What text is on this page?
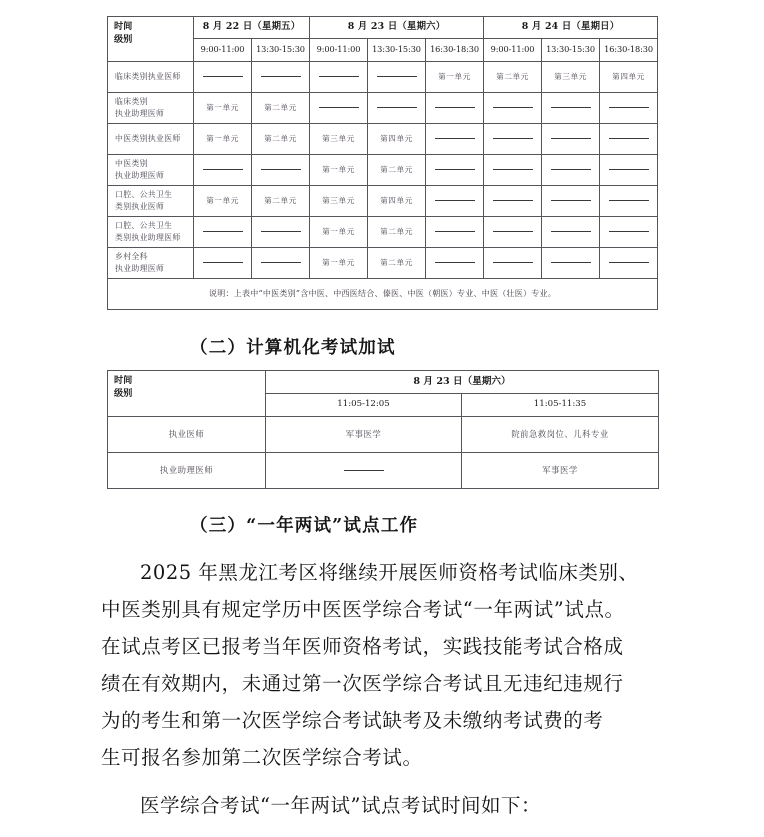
时间
级别	8 月 22 日（星期五）		8 月 23 日（星期六）			8 月 24 日（星期日）		
	9:00-11:00	13:30-15:30	9:00-11:00	13:30-15:30	16:30-18:30	9:00-11:00	13:30-15:30	16:30-18:30

临床类别执业医师					第一单元	第二单元	第三单元	第四单元

临床类别
执业助理医师	第一单元	第二单元						

中医类别执业医师	第一单元	第二单元	第三单元	第四单元				

中医类别
执业助理医师			第一单元	第二单元				

口腔、公共卫生
类别执业医师	第一单元	第二单元	第三单元	第四单元				

口腔、公共卫生
类别执业助理医师			第一单元	第二单元				

乡村全科
执业助理医师			第一单元	第二单元				
说明：上表中“中医类别”含中医、中西医结合、傣医、中医（朝医）专业、中医（壮医）专业。								
（二）计算机化考试加试
时间
级别	8 月 23 日（星期六）	
	11:05-12:05	11:05-11:35
执业医师	军事医学	院前急救岗位、儿科专业
执业助理医师		军事医学
（三）“一年两试”试点工作
2025 年黑龙江考区将继续开展医师资格考试临床类别、
中医类别具有规定学历中医医学综合考试“一年两试”试点。
在试点考区已报考当年医师资格考试，实践技能考试合格成
绩在有效期内，未通过第一次医学综合考试且无违纪违规行
为的考生和第一次医学综合考试缺考及未缴纳考试费的考
生可报名参加第二次医学综合考试。
医学综合考试“一年两试”试点考试时间如下：
